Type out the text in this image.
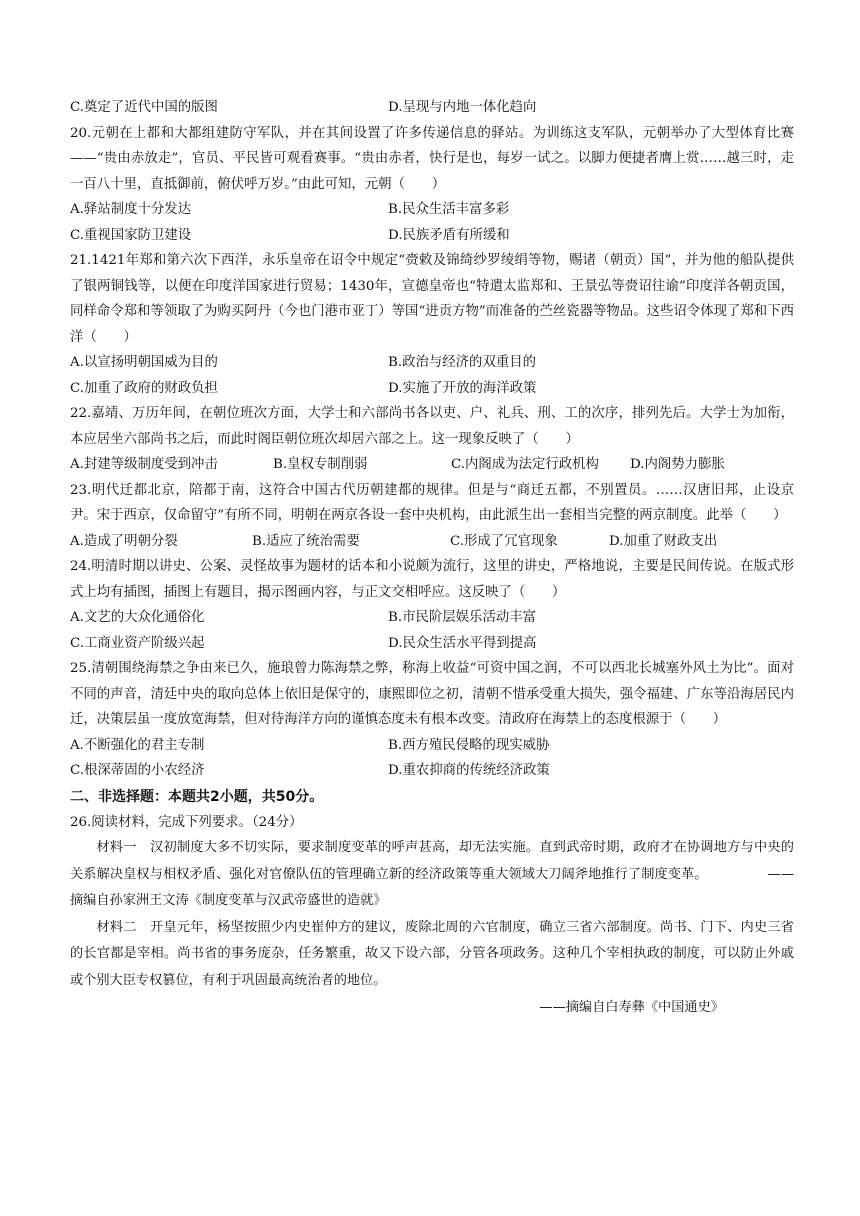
C.奠定了近代中国的版图	D.呈现与内地一体化趋向
20.元朝在上都和大都组建防守军队，并在其间设置了许多传递信息的驿站。为训练这支军队，元朝举办了大型体育比赛——“贵由赤放走”，官员、平民皆可观看赛事。“贵由赤者，快行是也，每岁一试之。以脚力便捷者膺上赏……越三时，走一百八十里，直抵御前，俯伏呼万岁。”由此可知，元朝（　　）
A.驿站制度十分发达	B.民众生活丰富多彩
C.重视国家防卫建设	D.民族矛盾有所缓和
21.1421年郑和第六次下西洋，永乐皇帝在诏令中规定“赍敕及锦绮纱罗绫绢等物，赐诸（朝贡）国”，并为他的船队提供了银两铜钱等，以便在印度洋国家进行贸易；1430年，宣德皇帝也“特遣太监郑和、王景弘等赍诏往谕”印度洋各朝贡国，同样命令郑和等领取了为购买阿丹（今也门港市亚丁）等国“进贡方物”而准备的苎丝瓷器等物品。这些诏令体现了郑和下西洋（　　）
A.以宣扬明朝国威为目的	B.政治与经济的双重目的
C.加重了政府的财政负担	D.实施了开放的海洋政策
22.嘉靖、万历年间，在朝位班次方面，大学士和六部尚书各以吏、户、礼兵、刑、工的次序，排列先后。大学士为加衔，本应居坐六部尚书之后，而此时阁臣朝位班次却居六部之上。这一现象反映了（　　）
A.封建等级制度受到冲击	B.皇权专制削弱	C.内阁成为法定行政机构 D.内阁势力膨胀
23.明代迁都北京，陪都于南，这符合中国古代历朝建都的规律。但是与“商迁五都，不别置员。……汉唐旧邦，止设京尹。宋于西京，仅命留守”有所不同，明朝在两京各设一套中央机构，由此派生出一套相当完整的两京制度。此举（　　）
A.造成了明朝分裂	B.适应了统治需要	C.形成了冗官现象	D.加重了财政支出
24.明清时期以讲史、公案、灵怪故事为题材的话本和小说颇为流行，这里的讲史，严格地说，主要是民间传说。在版式形式上均有插图，插图上有题目，揭示图画内容，与正文交相呼应。这反映了（　　）
A.文艺的大众化通俗化	B.市民阶层娱乐活动丰富
C.工商业资产阶级兴起	D.民众生活水平得到提高
25.清朝围绕海禁之争由来已久，施琅曾力陈海禁之弊，称海上收益“可资中国之润，不可以西北长城塞外风土为比”。面对不同的声音，清廷中央的取向总体上依旧是保守的，康熙即位之初，清朝不惜承受重大损失，强令福建、广东等沿海居民内迁，决策层虽一度放宽海禁，但对待海洋方向的谨慎态度未有根本改变。清政府在海禁上的态度根源于（　　）
A.不断强化的君主专制	B.西方殖民侵略的现实威胁
C.根深蒂固的小农经济	D.重农抑商的传统经济政策
二、非选择题：本题共2小题，共50分。
26.阅读材料，完成下列要求。（24分）
材料一　汉初制度大多不切实际，要求制度变革的呼声甚高，却无法实施。直到武帝时期，政府才在协调地方与中央的关系解决皇权与相权矛盾、强化对官僚队伍的管理确立新的经济政策等重大领域大刀阔斧地推行了制度变革。	——摘编自孙家洲王文涛《制度变革与汉武帝盛世的造就》
材料二　开皇元年，杨坚按照少内史崔仲方的建议，废除北周的六官制度，确立三省六部制度。尚书、门下、内史三省的长官都是宰相。尚书省的事务庞杂，任务繁重，故又下设六部，分管各项政务。这种几个宰相执政的制度，可以防止外戚或个别大臣专权篡位，有利于巩固最高统治者的地位。
——摘编自白寿彝《中国通史》
